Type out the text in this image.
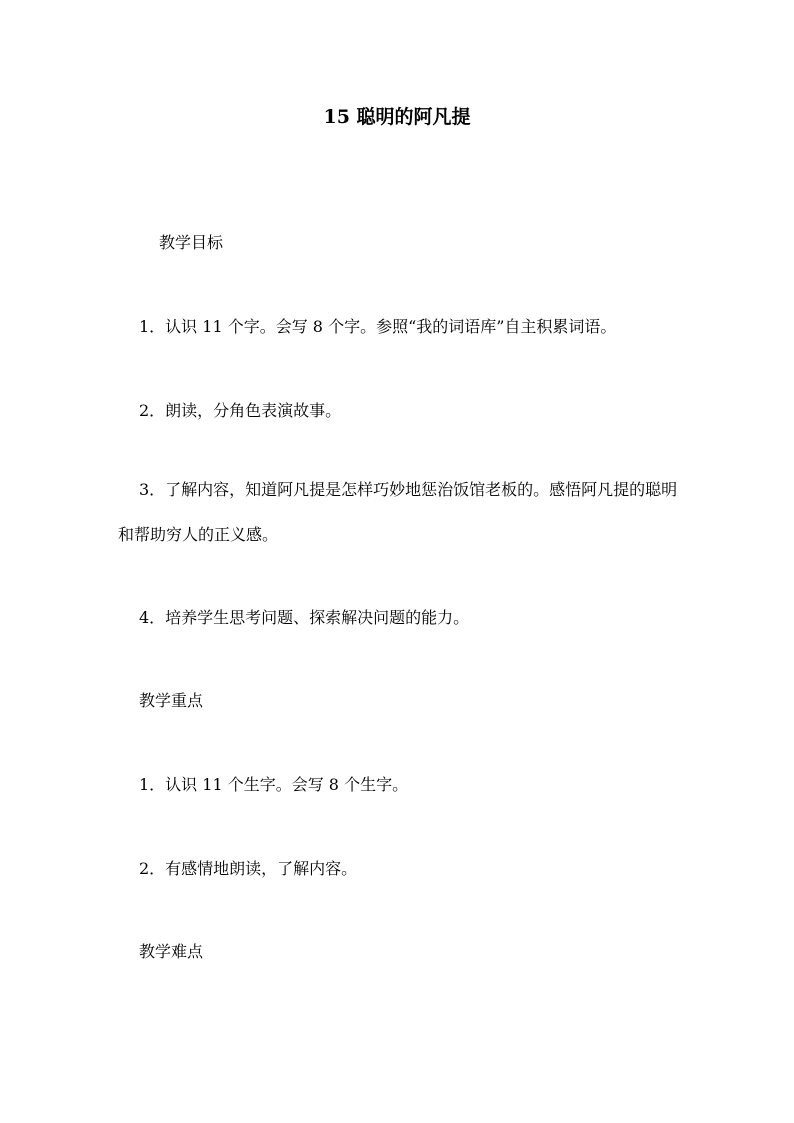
15 聪明的阿凡提

教学目标

1．认识 11 个字。会写 8 个字。参照“我的词语库”自主积累词语。

2．朗读，分角色表演故事。

3．了解内容，知道阿凡提是怎样巧妙地惩治饭馆老板的。感悟阿凡提的聪明和帮助穷人的正义感。

4．培养学生思考问题、探索解决问题的能力。

教学重点

1．认识 11 个生字。会写 8 个生字。

2．有感情地朗读，了解内容。

教学难点
